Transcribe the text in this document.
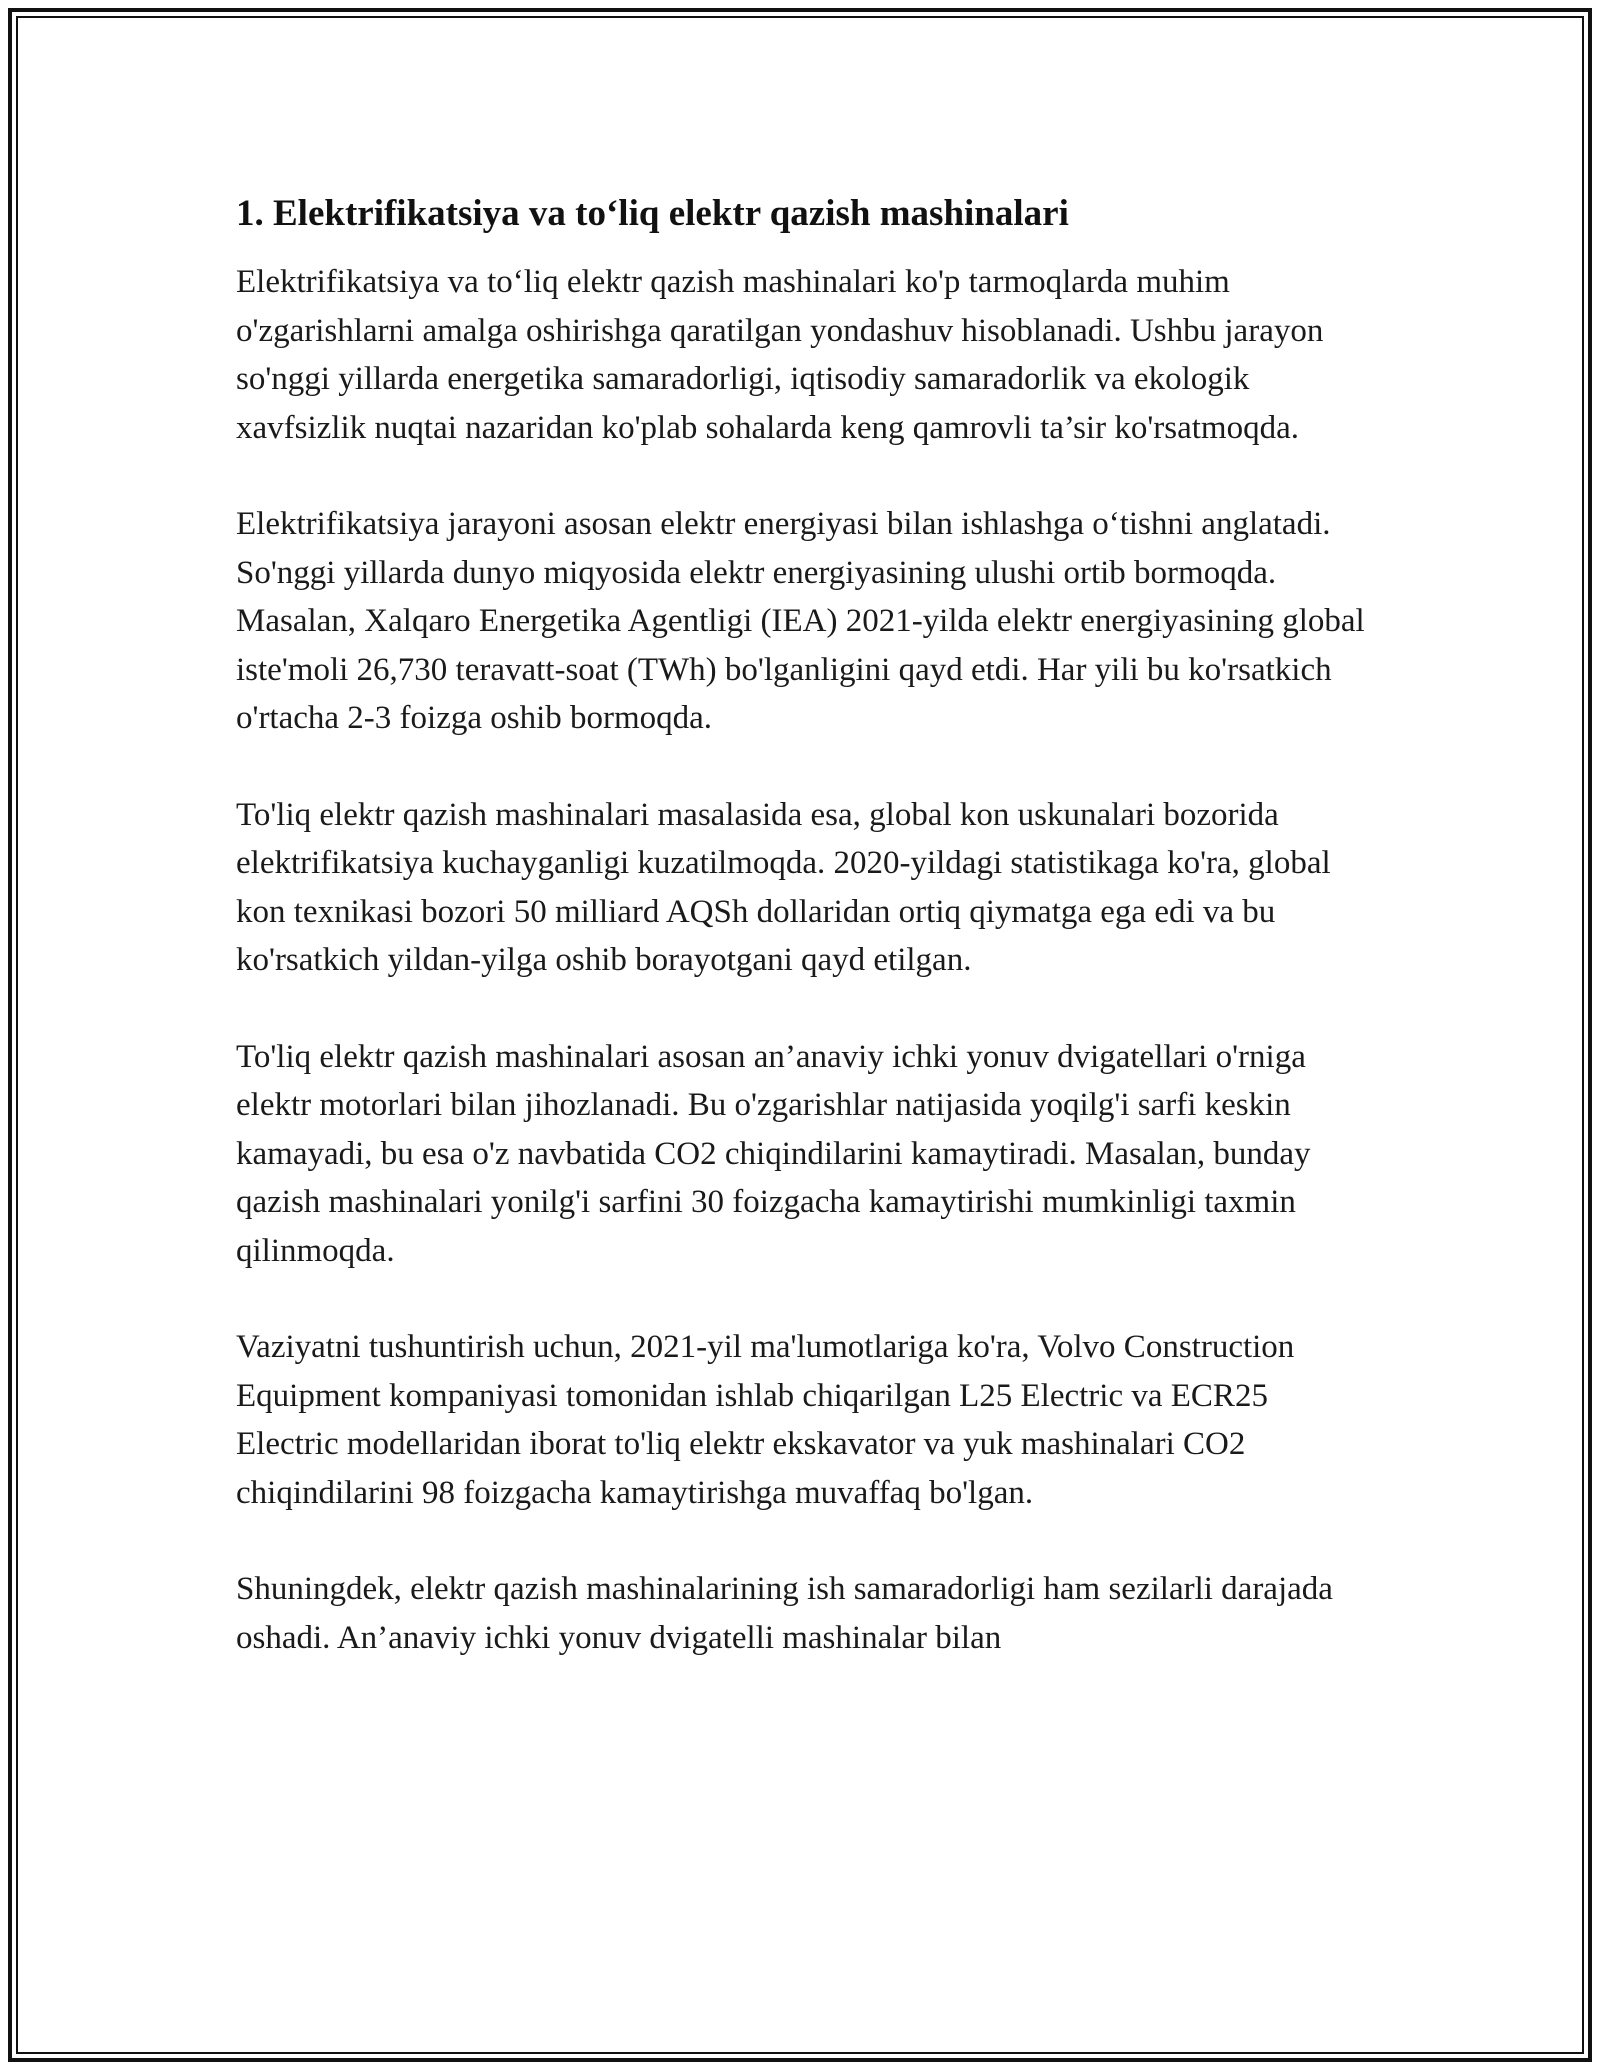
1. Elektrifikatsiya va to‘liq elektr qazish mashinalari

Elektrifikatsiya va to‘liq elektr qazish mashinalari ko'p tarmoqlarda muhim o'zgarishlarni amalga oshirishga qaratilgan yondashuv hisoblanadi. Ushbu jarayon so'nggi yillarda energetika samaradorligi, iqtisodiy samaradorlik va ekologik xavfsizlik nuqtai nazaridan ko'plab sohalarda keng qamrovli ta’sir ko'rsatmoqda.

Elektrifikatsiya jarayoni asosan elektr energiyasi bilan ishlashga o‘tishni anglatadi. So'nggi yillarda dunyo miqyosida elektr energiyasining ulushi ortib bormoqda. Masalan, Xalqaro Energetika Agentligi (IEA) 2021-yilda elektr energiyasining global iste'moli 26,730 teravatt-soat (TWh) bo'lganligini qayd etdi. Har yili bu ko'rsatkich o'rtacha 2-3 foizga oshib bormoqda.

To'liq elektr qazish mashinalari masalasida esa, global kon uskunalari bozorida elektrifikatsiya kuchayganligi kuzatilmoqda. 2020-yildagi statistikaga ko'ra, global kon texnikasi bozori 50 milliard AQSh dollaridan ortiq qiymatga ega edi va bu ko'rsatkich yildan-yilga oshib borayotgani qayd etilgan.

To'liq elektr qazish mashinalari asosan an’anaviy ichki yonuv dvigatellari o'rniga elektr motorlari bilan jihozlanadi. Bu o'zgarishlar natijasida yoqilg'i sarfi keskin kamayadi, bu esa o'z navbatida CO2 chiqindilarini kamaytiradi. Masalan, bunday qazish mashinalari yonilg'i sarfini 30 foizgacha kamaytirishi mumkinligi taxmin qilinmoqda.

Vaziyatni tushuntirish uchun, 2021-yil ma'lumotlariga ko'ra, Volvo Construction Equipment kompaniyasi tomonidan ishlab chiqarilgan L25 Electric va ECR25 Electric modellaridan iborat to'liq elektr ekskavator va yuk mashinalari CO2 chiqindilarini 98 foizgacha kamaytirishga muvaffaq bo'lgan.

Shuningdek, elektr qazish mashinalarining ish samaradorligi ham sezilarli darajada oshadi. An’anaviy ichki yonuv dvigatelli mashinalar bilan
